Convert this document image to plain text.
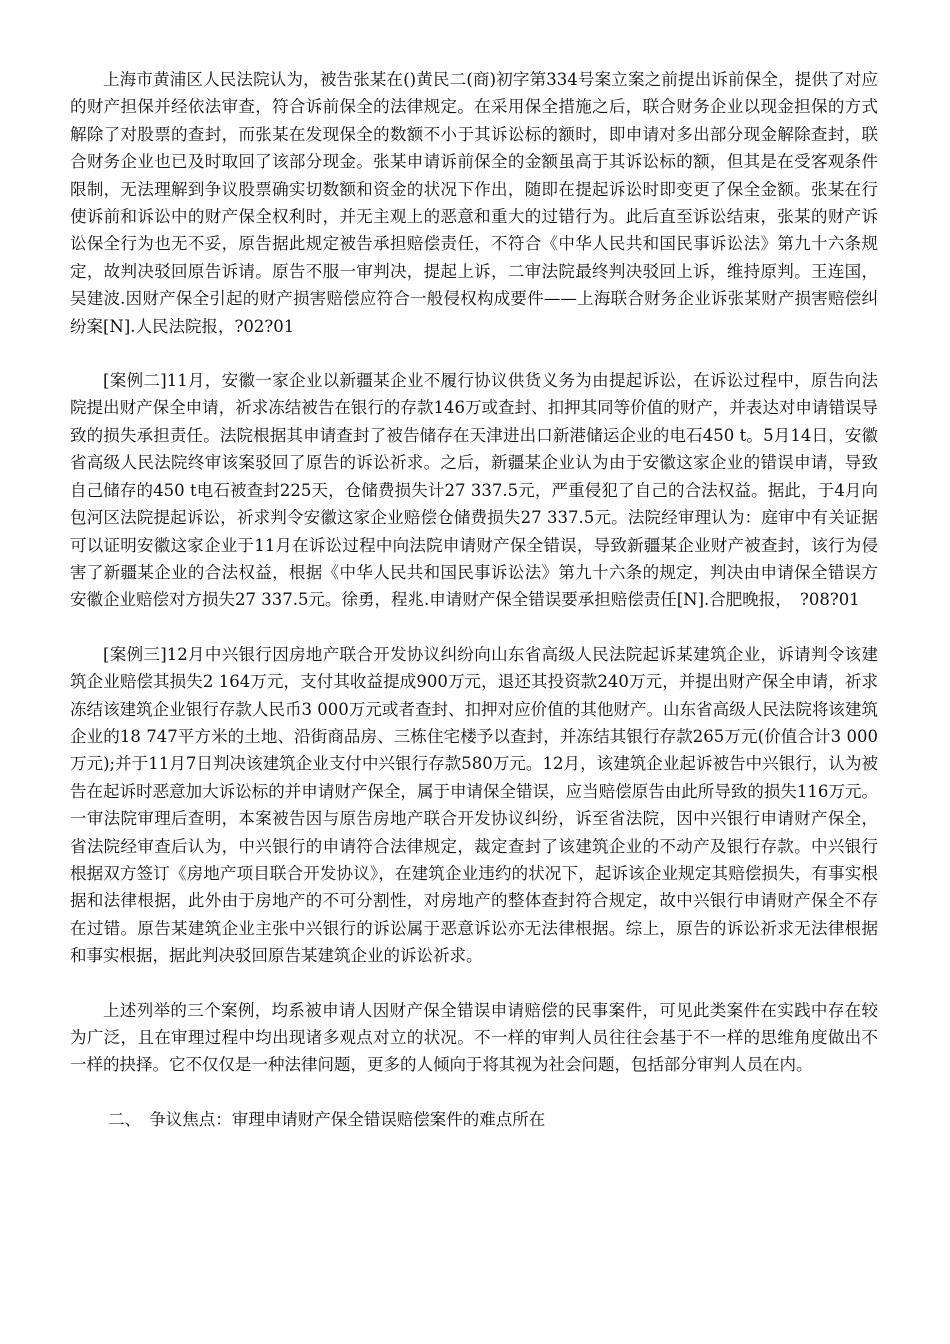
上海市黄浦区人民法院认为，被告张某在()黄民二(商)初字第334号案立案之前提出诉前保全，提供了对应的财产担保并经依法审查，符合诉前保全的法律规定。在采用保全措施之后，联合财务企业以现金担保的方式解除了对股票的查封，而张某在发现保全的数额不小于其诉讼标的额时，即申请对多出部分现金解除查封，联合财务企业也已及时取回了该部分现金。张某申请诉前保全的金额虽高于其诉讼标的额，但其是在受客观条件限制，无法理解到争议股票确实切数额和资金的状况下作出，随即在提起诉讼时即变更了保全金额。张某在行使诉前和诉讼中的财产保全权利时，并无主观上的恶意和重大的过错行为。此后直至诉讼结束，张某的财产诉讼保全行为也无不妥，原告据此规定被告承担赔偿责任，不符合《中华人民共和国民事诉讼法》第九十六条规定，故判决驳回原告诉请。原告不服一审判决，提起上诉，二审法院最终判决驳回上诉，维持原判。王连国，吴建波.因财产保全引起的财产损害赔偿应符合一般侵权构成要件——上海联合财务企业诉张某财产损害赔偿纠纷案[N].人民法院报，?02?01

[案例二]11月，安徽一家企业以新疆某企业不履行协议供货义务为由提起诉讼，在诉讼过程中，原告向法院提出财产保全申请，祈求冻结被告在银行的存款146万或查封、扣押其同等价值的财产，并表达对申请错误导致的损失承担责任。法院根据其申请查封了被告储存在天津进出口新港储运企业的电石450 t。5月14日，安徽省高级人民法院终审该案驳回了原告的诉讼祈求。之后，新疆某企业认为由于安徽这家企业的错误申请，导致自己储存的450 t电石被查封225天，仓储费损失计27 337.5元，严重侵犯了自己的合法权益。据此，于4月向包河区法院提起诉讼，祈求判令安徽这家企业赔偿仓储费损失27 337.5元。法院经审理认为：庭审中有关证据可以证明安徽这家企业于11月在诉讼过程中向法院申请财产保全错误，导致新疆某企业财产被查封，该行为侵害了新疆某企业的合法权益，根据《中华人民共和国民事诉讼法》第九十六条的规定，判决由申请保全错误方安徽企业赔偿对方损失27 337.5元。徐勇，程兆.申请财产保全错误要承担赔偿责任[N].合肥晚报，　?08?01

[案例三]12月中兴银行因房地产联合开发协议纠纷向山东省高级人民法院起诉某建筑企业，诉请判令该建筑企业赔偿其损失2 164万元，支付其收益提成900万元，退还其投资款240万元，并提出财产保全申请，祈求冻结该建筑企业银行存款人民币3 000万元或者查封、扣押对应价值的其他财产。山东省高级人民法院将该建筑企业的18 747平方米的土地、沿街商品房、三栋住宅楼予以查封，并冻结其银行存款265万元(价值合计3 000万元);并于11月7日判决该建筑企业支付中兴银行存款580万元。12月，该建筑企业起诉被告中兴银行，认为被告在起诉时恶意加大诉讼标的并申请财产保全，属于申请保全错误，应当赔偿原告由此所导致的损失116万元。一审法院审理后查明，本案被告因与原告房地产联合开发协议纠纷，诉至省法院，因中兴银行申请财产保全，省法院经审查后认为，中兴银行的申请符合法律规定，裁定查封了该建筑企业的不动产及银行存款。中兴银行根据双方签订《房地产项目联合开发协议》，在建筑企业违约的状况下，起诉该企业规定其赔偿损失，有事实根据和法律根据，此外由于房地产的不可分割性，对房地产的整体查封符合规定，故中兴银行申请财产保全不存在过错。原告某建筑企业主张中兴银行的诉讼属于恶意诉讼亦无法律根据。综上，原告的诉讼祈求无法律根据和事实根据，据此判决驳回原告某建筑企业的诉讼祈求。

上述列举的三个案例，均系被申请人因财产保全错误申请赔偿的民事案件，可见此类案件在实践中存在较为广泛，且在审理过程中均出现诸多观点对立的状况。不一样的审判人员往往会基于不一样的思维角度做出不一样的抉择。它不仅仅是一种法律问题，更多的人倾向于将其视为社会问题，包括部分审判人员在内。

二、　争议焦点：审理申请财产保全错误赔偿案件的难点所在
